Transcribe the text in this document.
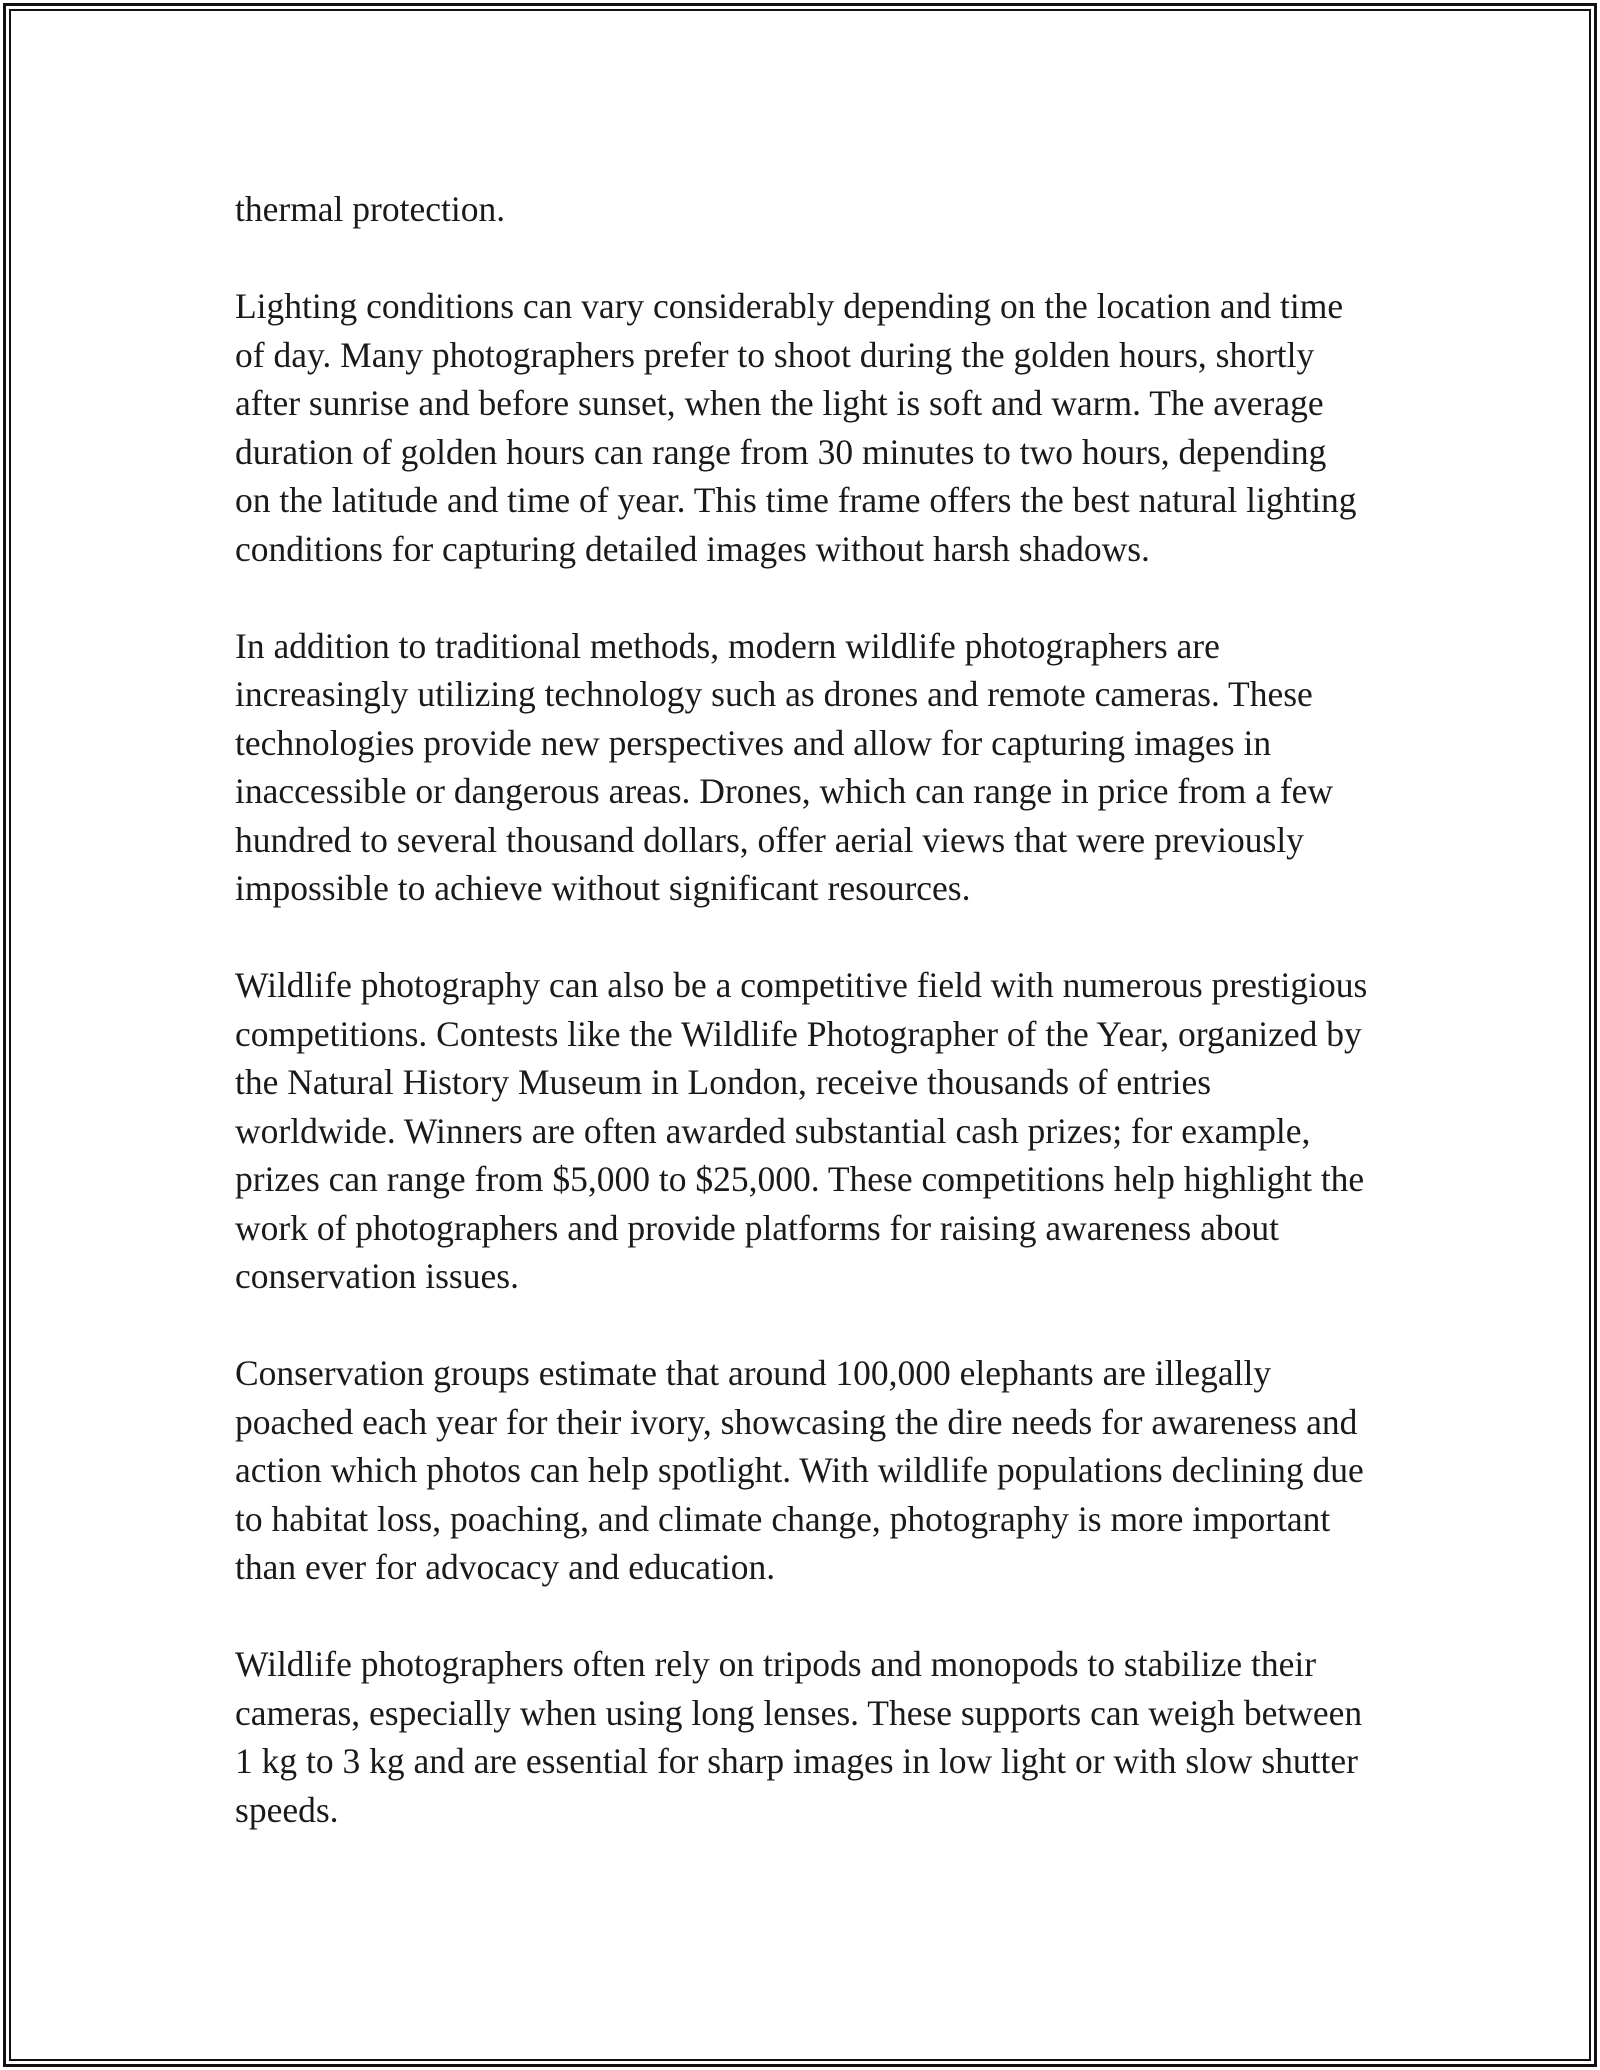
thermal protection.

Lighting conditions can vary considerably depending on the location and time of day. Many photographers prefer to shoot during the golden hours, shortly after sunrise and before sunset, when the light is soft and warm. The average duration of golden hours can range from 30 minutes to two hours, depending on the latitude and time of year. This time frame offers the best natural lighting conditions for capturing detailed images without harsh shadows.

In addition to traditional methods, modern wildlife photographers are increasingly utilizing technology such as drones and remote cameras. These technologies provide new perspectives and allow for capturing images in inaccessible or dangerous areas. Drones, which can range in price from a few hundred to several thousand dollars, offer aerial views that were previously impossible to achieve without significant resources.

Wildlife photography can also be a competitive field with numerous prestigious competitions. Contests like the Wildlife Photographer of the Year, organized by the Natural History Museum in London, receive thousands of entries worldwide. Winners are often awarded substantial cash prizes; for example, prizes can range from $5,000 to $25,000. These competitions help highlight the work of photographers and provide platforms for raising awareness about conservation issues.

Conservation groups estimate that around 100,000 elephants are illegally poached each year for their ivory, showcasing the dire needs for awareness and action which photos can help spotlight. With wildlife populations declining due to habitat loss, poaching, and climate change, photography is more important than ever for advocacy and education.

Wildlife photographers often rely on tripods and monopods to stabilize their cameras, especially when using long lenses. These supports can weigh between 1 kg to 3 kg and are essential for sharp images in low light or with slow shutter speeds.
